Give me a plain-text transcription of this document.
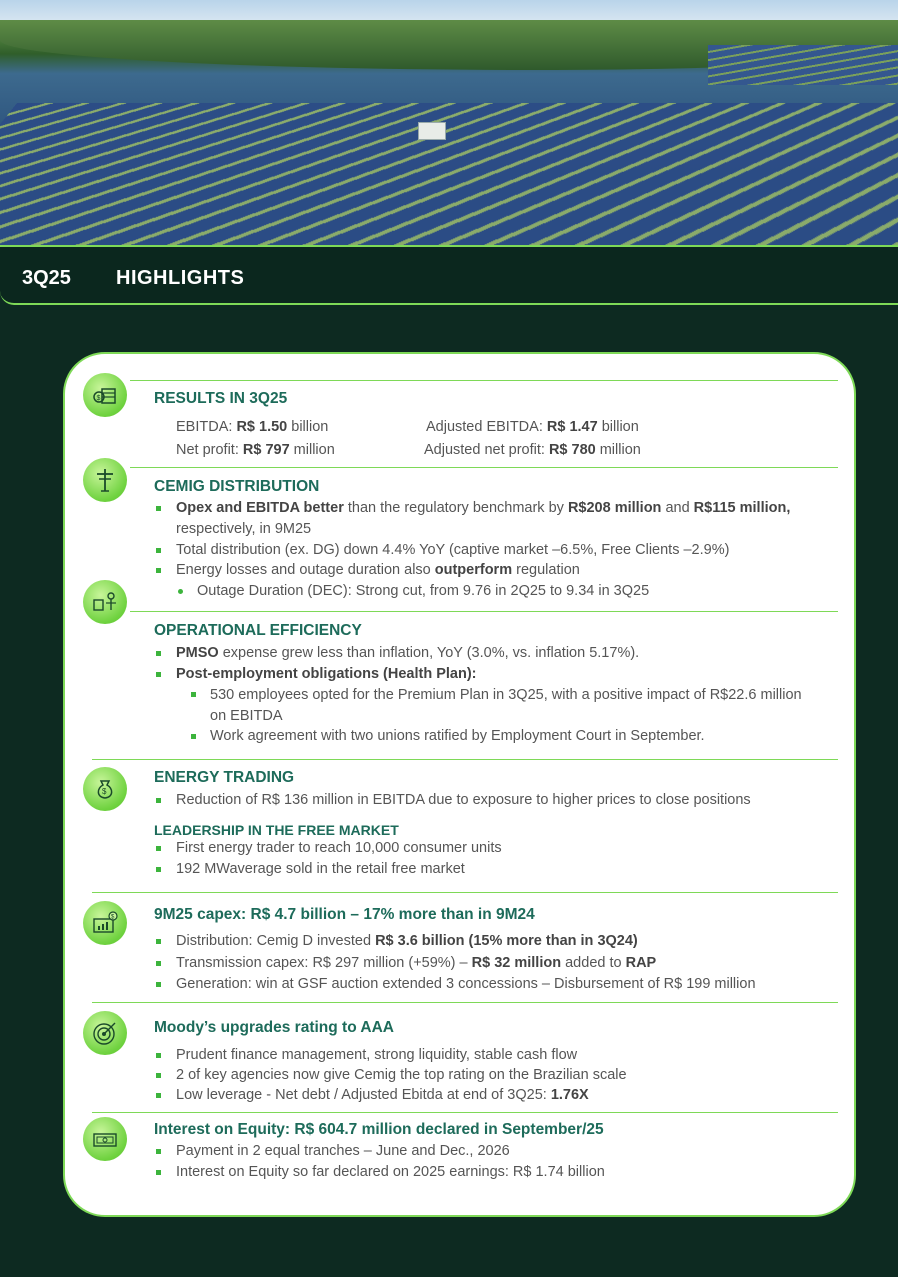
3Q25 HIGHLIGHTS
$
$
$
RESULTS IN 3Q25
EBITDA: R$ 1.50 billion	Adjusted EBITDA: R$ 1.47 billion
Net profit: R$ 797 million	Adjusted net profit: R$ 780 million
CEMIG DISTRIBUTION
Opex and EBITDA better than the regulatory benchmark by R$208 million and R$115 million,
respectively, in 9M25
Total distribution (ex. DG) down 4.4% YoY (captive market –6.5%, Free Clients –2.9%)
Energy losses and outage duration also outperform regulation
Outage Duration (DEC): Strong cut, from 9.76 in 2Q25 to 9.34 in 3Q25
OPERATIONAL EFFICIENCY
PMSO expense grew less than inflation, YoY (3.0%, vs. inflation 5.17%).
Post-employment obligations (Health Plan):
530 employees opted for the Premium Plan in 3Q25, with a positive impact of R$22.6 million
on EBITDA
Work agreement with two unions ratified by Employment Court in September.
ENERGY TRADING
Reduction of R$ 136 million in EBITDA due to exposure to higher prices to close positions
LEADERSHIP IN THE FREE MARKET
First energy trader to reach 10,000 consumer units
192 MWaverage sold in the retail free market
9M25 capex: R$ 4.7 billion – 17% more than in 9M24
Distribution: Cemig D invested R$ 3.6 billion (15% more than in 3Q24)
Transmission capex: R$ 297 million (+59%) – R$ 32 million added to RAP
Generation: win at GSF auction extended 3 concessions – Disbursement of R$ 199 million
Moody’s upgrades rating to AAA
Prudent finance management, strong liquidity, stable cash flow
2 of key agencies now give Cemig the top rating on the Brazilian scale
Low leverage - Net debt / Adjusted Ebitda at end of 3Q25: 1.76X
Interest on Equity: R$ 604.7 million declared in September/25
Payment in 2 equal tranches – June and Dec., 2026
Interest on Equity so far declared on 2025 earnings: R$ 1.74 billion
